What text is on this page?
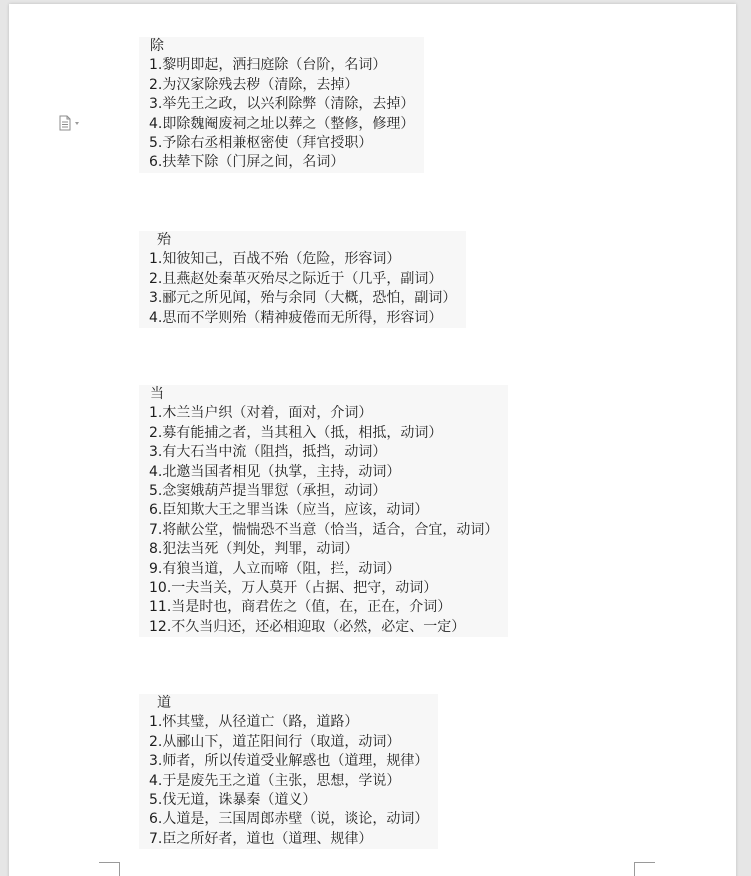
除
1.黎明即起，洒扫庭除（台阶，名词）
2.为汉家除残去秽（清除，去掉）
3.举先王之政，以兴利除弊（清除，去掉）
4.即除魏阉废祠之址以葬之（整修，修理）
5.予除右丞相兼枢密使（拜官授职）
6.扶辇下除（门屏之间，名词）
殆
1.知彼知己，百战不殆（危险，形容词）
2.且燕赵处秦革灭殆尽之际近于（几乎，副词）
3.郦元之所见闻，殆与余同（大概，恐怕，副词）
4.思而不学则殆（精神疲倦而无所得，形容词）
当
1.木兰当户织（对着，面对，介词）
2.募有能捕之者，当其租入（抵，相抵，动词）
3.有大石当中流（阻挡，抵挡，动词）
4.北邀当国者相见（执掌，主持，动词）
5.念窦娥葫芦提当罪愆（承担，动词）
6.臣知欺大王之罪当诛（应当，应该，动词）
7.将献公堂，惴惴恐不当意（恰当，适合，合宜，动词）
8.犯法当死（判处，判罪，动词）
9.有狼当道，人立而啼（阻，拦，动词）
10.一夫当关，万人莫开（占据、把守，动词）
11.当是时也，商君佐之（值，在，正在，介词）
12.不久当归还，还必相迎取（必然，必定、一定）
道
1.怀其璧，从径道亡（路，道路）
2.从郦山下，道芷阳间行（取道，动词）
3.师者，所以传道受业解惑也（道理，规律）
4.于是废先王之道（主张，思想，学说）
5.伐无道，诛暴秦（道义）
6.人道是，三国周郎赤壁（说，谈论，动词）
7.臣之所好者，道也（道理、规律）
